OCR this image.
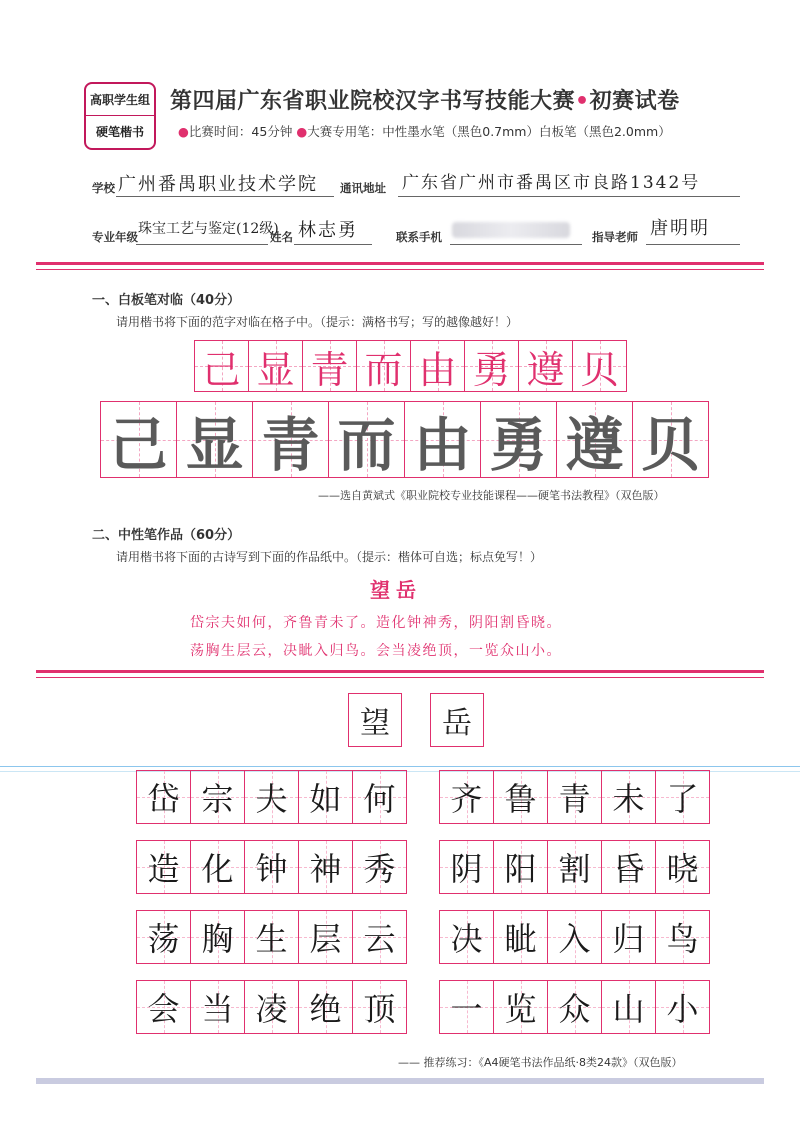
高职学生组
硬笔楷书
第四届广东省职业院校汉字书写技能大赛•初赛试卷
●比赛时间：45分钟 ●大赛专用笔：中性墨水笔（黑色0.7mm）白板笔（黑色2.0mm）
学校 广州番禺职业技术学院 通讯地址 广东省广州市番禺区市良路1342号
专业年级 珠宝工艺与鉴定(12级)
姓名 林志勇	联系手机	指导老师 唐明明
一、白板笔对临（40分）
请用楷书将下面的范字对临在格子中。（提示：满格书写；写的越像越好！）
己 显 青 而 由 勇 遵 贝
己 显 青 而 由 勇 遵 贝
——选自黄斌式《职业院校专业技能课程——硬笔书法教程》（双色版）
二、中性笔作品（60分）
请用楷书将下面的古诗写到下面的作品纸中。（提示：楷体可自选；标点免写！）
望岳
岱宗夫如何，齐鲁青未了。造化钟神秀，阴阳割昏晓。
荡胸生层云，决眦入归鸟。会当凌绝顶，一览众山小。
望	岳
岱 宗 夫 如 何 齐 鲁 青 未 了
造 化 钟 神 秀 阴 阳 割 昏 晓
荡 胸 生 层 云 决 眦 入 归 鸟
会 当 凌 绝 顶 一 览 众 山 小
—— 推荐练习：《A4硬笔书法作品纸·8类24款》（双色版）
